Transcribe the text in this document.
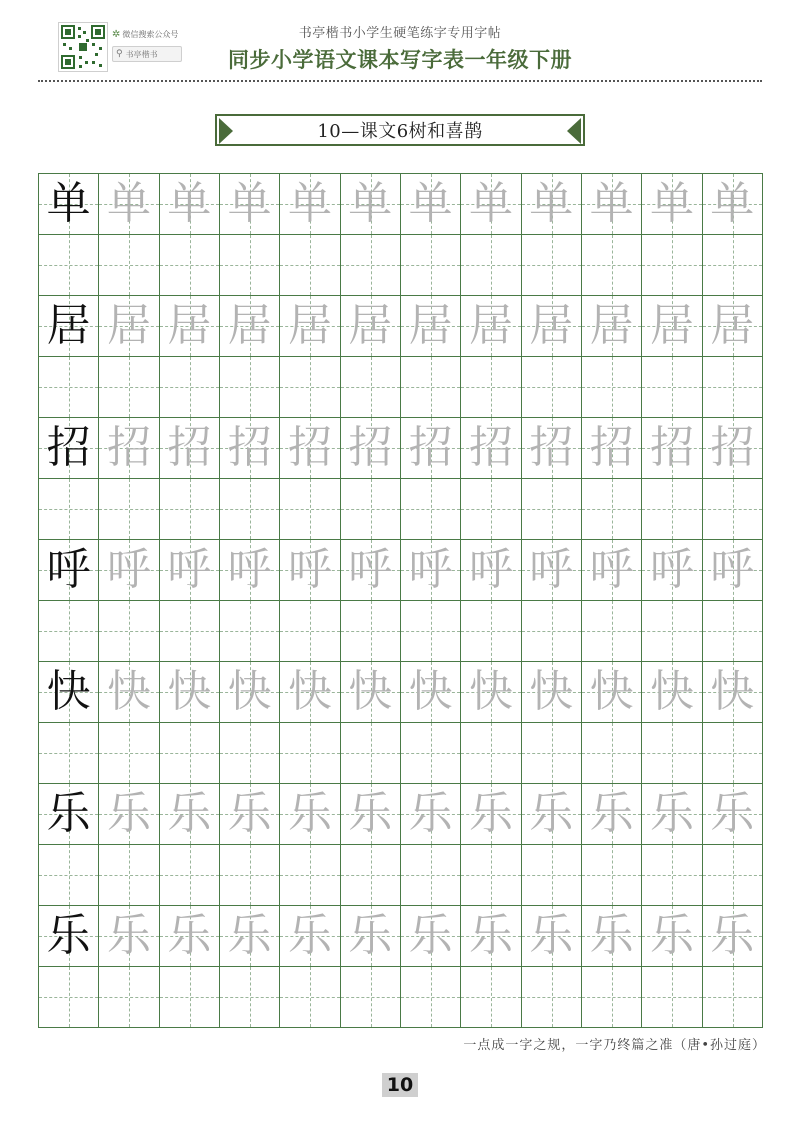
✲ 微信搜索公众号
⚲ 书亭楷书
书亭楷书小学生硬笔练字专用字帖
同步小学语文课本写字表一年级下册
10—课文6树和喜鹊
单 单 单 单 单 单 单 单 单 单 单 单
居 居 居 居 居 居 居 居 居 居 居 居
招 招 招 招 招 招 招 招 招 招 招 招
呼 呼 呼 呼 呼 呼 呼 呼 呼 呼 呼 呼
快 快 快 快 快 快 快 快 快 快 快 快
乐 乐 乐 乐 乐 乐 乐 乐 乐 乐 乐 乐
乐 乐 乐 乐 乐 乐 乐 乐 乐 乐 乐 乐
一点成一字之规，一字乃终篇之准（唐•孙过庭）
10
